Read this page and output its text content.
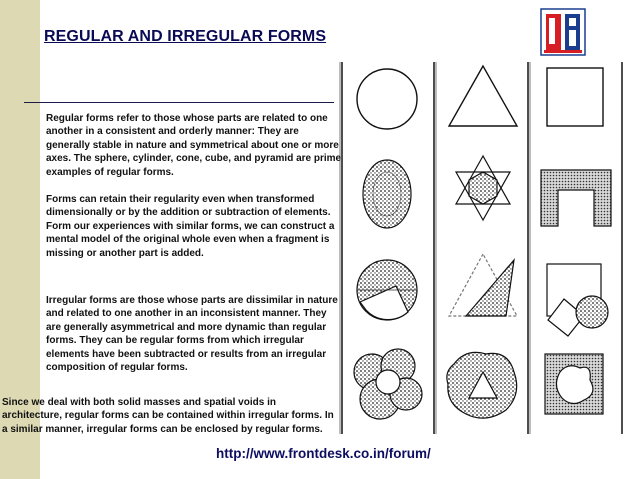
REGULAR AND IRREGULAR FORMS

Regular forms refer to those whose parts are related to one another in a consistent and orderly manner: They are generally stable in nature and symmetrical about one or more axes. The sphere, cylinder, cone, cube, and pyramid are prime examples of regular forms.

Forms can retain their regularity even when transformed dimensionally or by the addition or subtraction of elements. Form our experiences with similar forms, we can construct a mental model of the original whole even when a fragment is missing or another part is added.

Irregular forms are those whose parts are dissimilar in nature and related to one another in an inconsistent manner. They are generally asymmetrical and more dynamic than regular forms. They can be regular forms from which irregular elements have been subtracted or results from an irregular composition of regular forms.

Since we deal with both solid masses and spatial voids in architecture, regular forms can be contained within irregular forms. In a similar manner, irregular forms can be enclosed by regular forms.

http://www.frontdesk.co.in/forum/
